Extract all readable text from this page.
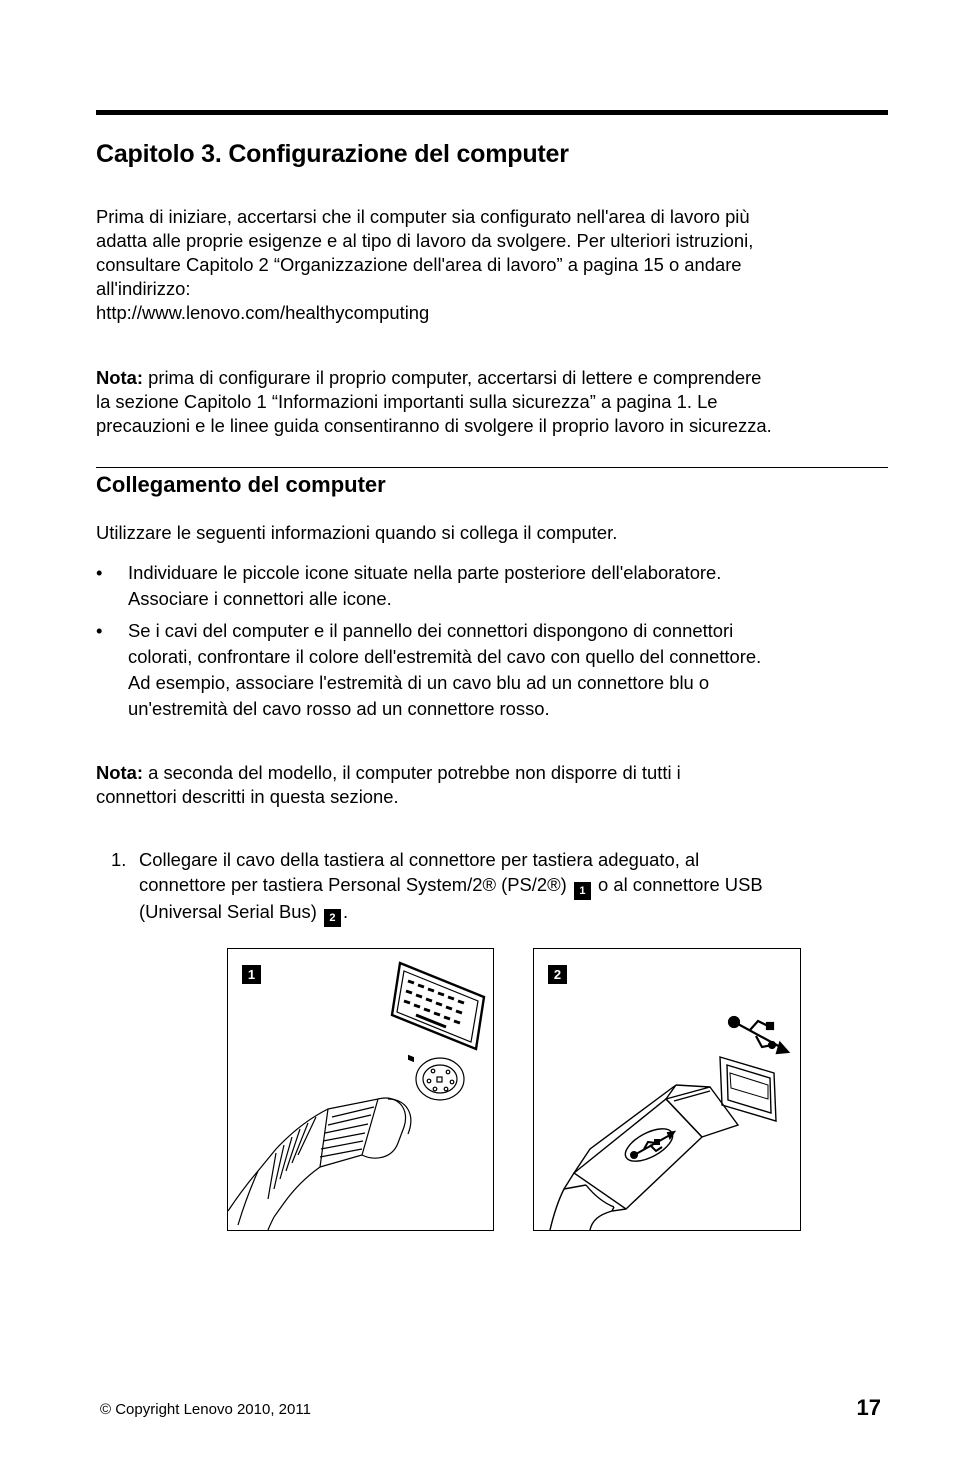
Capitolo 3. Configurazione del computer
Prima di iniziare, accertarsi che il computer sia configurato nell'area di lavoro più
adatta alle proprie esigenze e al tipo di lavoro da svolgere. Per ulteriori istruzioni,
consultare Capitolo 2 “Organizzazione dell'area di lavoro” a pagina 15 o andare
all'indirizzo:
http://www.lenovo.com/healthycomputing
Nota: prima di configurare il proprio computer, accertarsi di lettere e comprendere
la sezione Capitolo 1 “Informazioni importanti sulla sicurezza” a pagina 1. Le
precauzioni e le linee guida consentiranno di svolgere il proprio lavoro in sicurezza.
Collegamento del computer
Utilizzare le seguenti informazioni quando si collega il computer.
• Individuare le piccole icone situate nella parte posteriore dell'elaboratore.
Associare i connettori alle icone.
• Se i cavi del computer e il pannello dei connettori dispongono di connettori
colorati, confrontare il colore dell'estremità del cavo con quello del connettore.
Ad esempio, associare l'estremità di un cavo blu ad un connettore blu o
un'estremità del cavo rosso ad un connettore rosso.
Nota: a seconda del modello, il computer potrebbe non disporre di tutti i
connettori descritti in questa sezione.
1. Collegare il cavo della tastiera al connettore per tastiera adeguato, al
connettore per tastiera Personal System/2® (PS/2®) 1 o al connettore USB
(Universal Serial Bus) 2 .
1	2
© Copyright Lenovo 2010, 2011	17
